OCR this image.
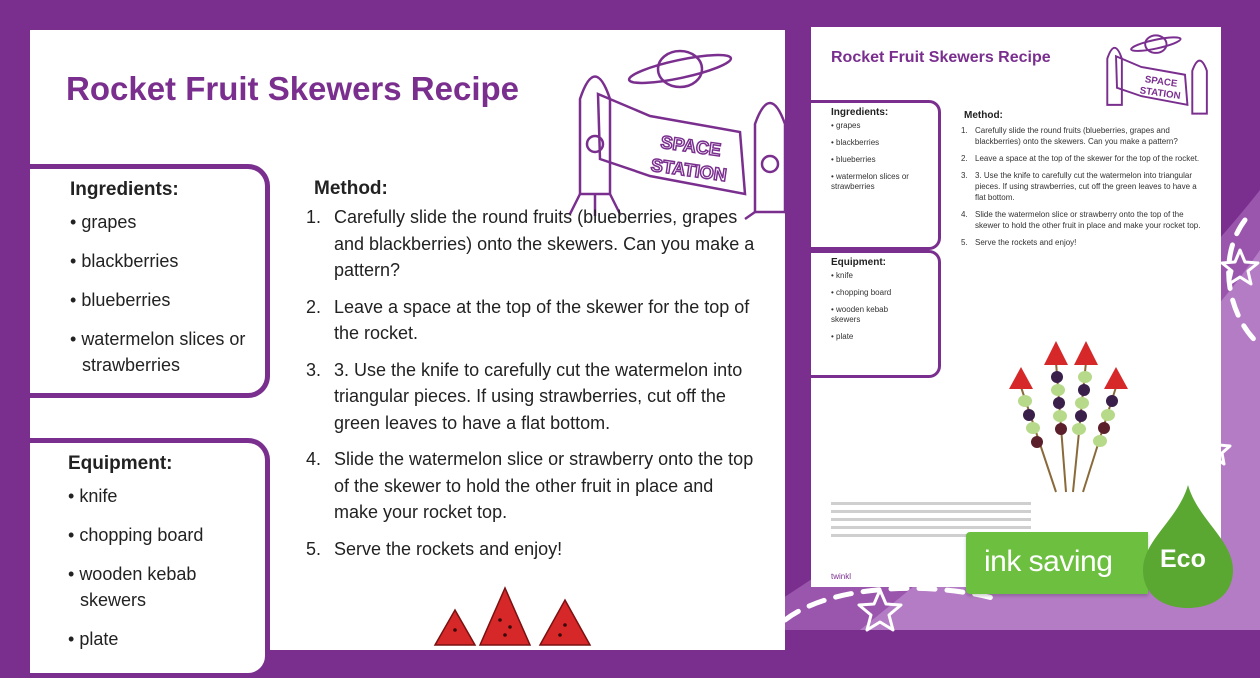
Rocket Fruit Skewers Recipe
SPACE
STATION
Ingredients:
• grapes
• blackberries
• blueberries
• watermelon slices or strawberries
Equipment:
• knife
• chopping board
• wooden kebab skewers
• plate
Method:
1. Carefully slide the round fruits (blueberries, grapes and blackberries) onto the skewers. Can you make a pattern?
2. Leave a space at the top of the skewer for the top of the rocket.
3. 3. Use the knife to carefully cut the watermelon into triangular pieces. If using strawberries, cut off the green leaves to have a flat bottom.
4. Slide the watermelon slice or strawberry onto the top of the skewer to hold the other fruit in place and make your rocket top.
5. Serve the rockets and enjoy!
Rocket Fruit Skewers Recipe
SPACE
STATION
Ingredients:
• grapes
• blackberries
• blueberries
• watermelon slices or strawberries
Equipment:
• knife
• chopping board
• wooden kebab skewers
• plate
Method:
1. Carefully slide the round fruits (blueberries, grapes and blackberries) onto the skewers. Can you make a pattern?
2. Leave a space at the top of the skewer for the top of the rocket.
3. 3. Use the knife to carefully cut the watermelon into triangular pieces. If using strawberries, cut off the green leaves to have a flat bottom.
4. Slide the watermelon slice or strawberry onto the top of the skewer to hold the other fruit in place and make your rocket top.
5. Serve the rockets and enjoy!
twinkl	ink saving Eco
